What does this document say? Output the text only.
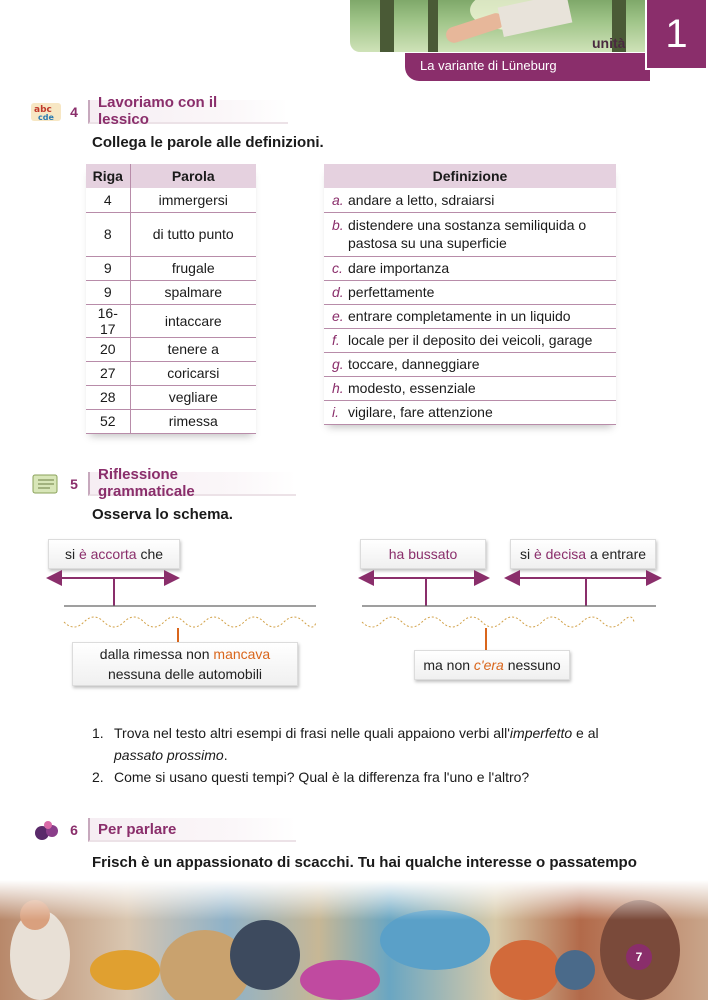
La variante di Lüneburg
unità 1
abc
cde	4
Lavoriamo con il lessico
Collega le parole alle definizioni.
Riga	Parola
4	immergersi
8	di tutto punto
9	frugale
9	spalmare
16-17	intaccare
20	tenere a
27	coricarsi
28	vegliare
52	rimessa
Definizione
a. andare a letto, sdraiarsi
b. distendere una sostanza semiliquida o pastosa su una superficie
c. dare importanza
d. perfettamente
e. entrare completamente in un liquido
f. locale per il deposito dei veicoli, garage
g. toccare, danneggiare
h. modesto, essenziale
i. vigilare, fare attenzione
5
Riflessione grammaticale
Osserva lo schema.
si è accorta che	ha bussato	si è decisa a entrare
dalla rimessa non mancava
nessuna delle automobili
ma non c'era nessuno
1. Trova nel testo altri esempi di frasi nelle quali appaiono verbi all'imperfetto e al
passato prossimo.
2. Come si usano questi tempi? Qual è la differenza fra l'uno e l'altro?
6	Per parlare
Frisch è un appassionato di scacchi. Tu hai qualche interesse o passatempo
7
